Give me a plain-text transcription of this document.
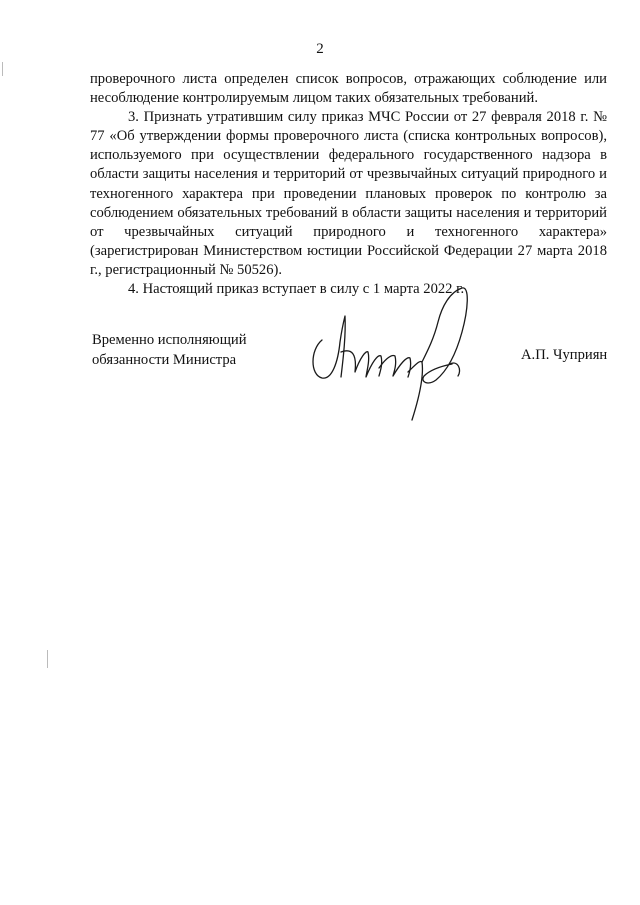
2

проверочного листа определен список вопросов, отражающих соблюдение или несоблюдение контролируемым лицом таких обязательных требований.

3. Признать утратившим силу приказ МЧС России от 27 февраля 2018 г. № 77 «Об утверждении формы проверочного листа (списка контрольных вопросов), используемого при осуществлении федерального государственного надзора в области защиты населения и территорий от чрезвычайных ситуаций природного и техногенного характера при проведении плановых проверок по контролю за соблюдением обязательных требований в области защиты населения и территорий от чрезвычайных ситуаций природного и техногенного характера» (зарегистрирован Министерством юстиции Российской Федерации 27 марта 2018 г., регистрационный № 50526).

4. Настоящий приказ вступает в силу с 1 марта 2022 г.

Временно исполняющий
обязанности Министра	А.П. Чуприян
